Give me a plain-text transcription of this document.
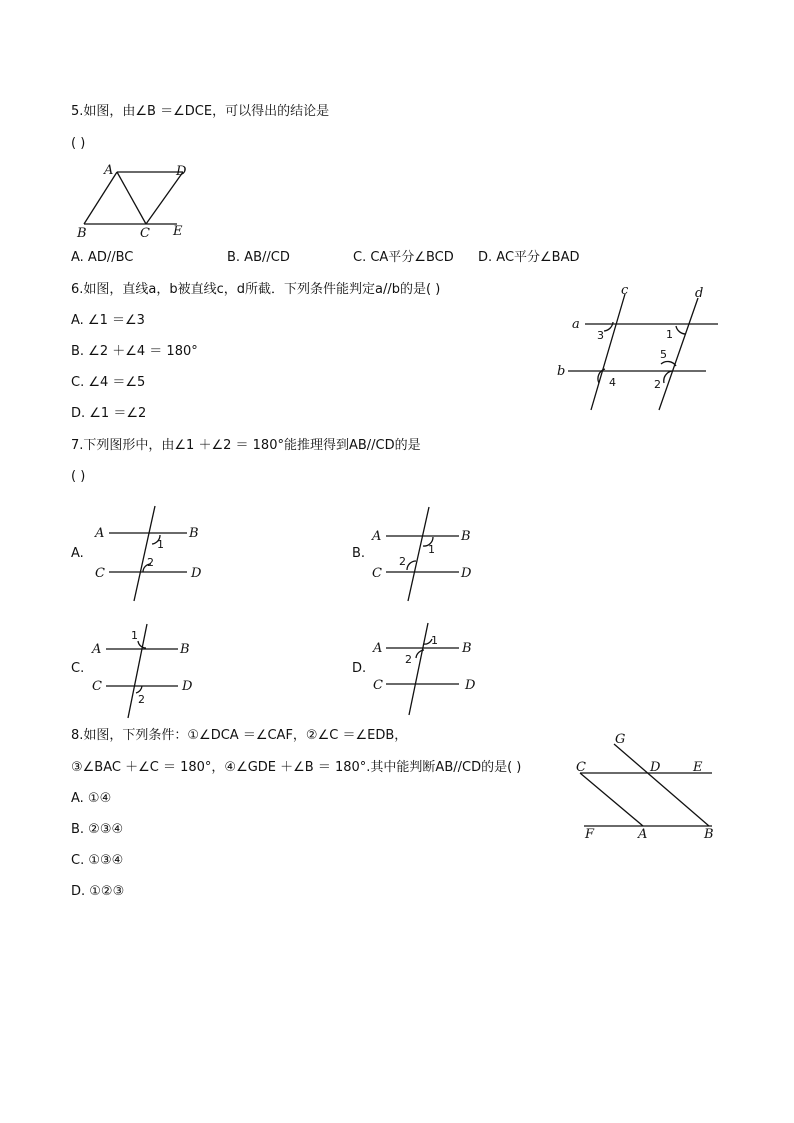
5.如图，由∠B ＝∠DCE，可以得出的结论是
( )
A	D
B	C E
A. AD//BC	B. AB//CD	C. CA平分∠BCD D. AC平分∠BAD
6.如图，直线a，b被直线c，d所截．下列条件能判定a//b的是( )
A. ∠1 ＝∠3
B. ∠2 ＋∠4 ＝ 180°
C. ∠4 ＝∠5
D. ∠1 ＝∠2
c	d
a
b
3	1
5
4	2
7.下列图形中，由∠1 ＋∠2 ＝ 180°能推理得到AB//CD的是
( )
A.	B.
C.	D.
A	B
C	D
1
2
A	B
C	D
1
2
A	B
C	D
1
2
A	B
C	D
1
2
8.如图，下列条件：①∠DCA ＝∠CAF，②∠C ＝∠EDB，
③∠BAC ＋∠C ＝ 180°，④∠GDE ＋∠B ＝ 180°.其中能判断AB//CD的是( )
A. ①④
B. ②③④
C. ①③④
D. ①②③
G
C	D	E
F	A	B
